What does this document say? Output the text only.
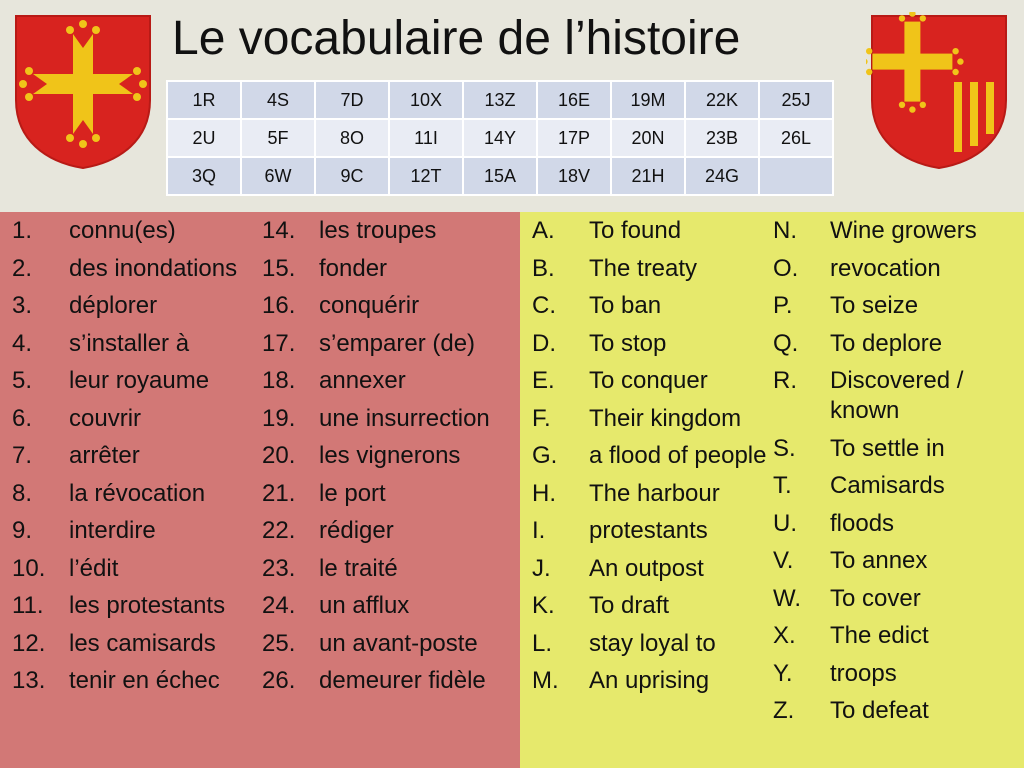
Le vocabulaire de l’histoire
1R	4S	7D	10X	13Z	16E	19M	22K	25J
2U	5F	8O	11I	14Y	17P	20N	23B	26L
3Q	6W	9C	12T	15A	18V	21H	24G	
1.	connu(es)
2.	des inondations
3.	déplorer
4.	s’installer à
5.	leur royaume
6.	couvrir
7.	arrêter
8.	la révocation
9.	interdire
10. l’édit
11.	les protestants
12. les camisards
13. tenir en échec
14. les troupes
15. fonder
16. conquérir
17. s’emparer (de)
18. annexer
19. une insurrection
20. les vignerons
21. le port
22. rédiger
23. le traité
24. un afflux
25. un avant-poste
26. demeurer fidèle
A.	To found
B.	The treaty
C.	To ban
D.	To stop
E.	To conquer
F.	Their kingdom
G.	a flood of people
H.	The harbour
I.	protestants
J.	An outpost
K.	To draft
L.	stay loyal to
M.	An uprising
N.	Wine growers
O.	revocation
P.	To seize
Q.	To deplore
R.	Discovered / known
S.	To settle in
T.	Camisards
U.	floods
V.	To annex
W.	To cover
X.	The edict
Y.	troops
Z.	To defeat
